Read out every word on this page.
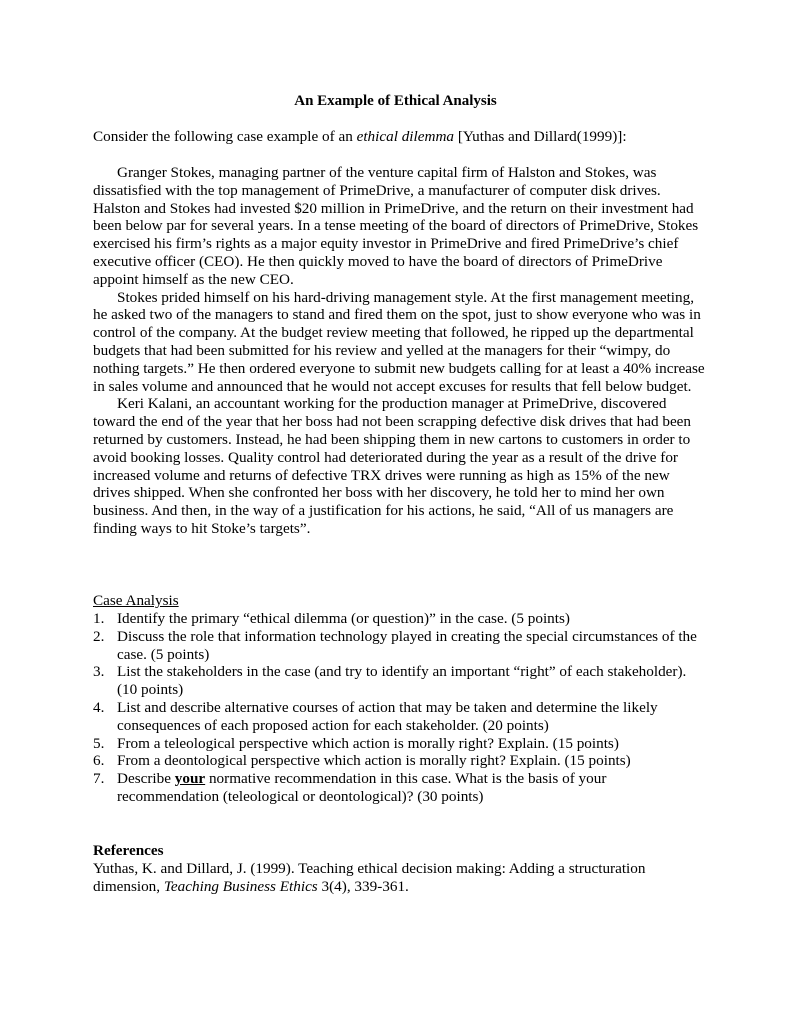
An Example of Ethical Analysis
Consider the following case example of an ethical dilemma [Yuthas and Dillard(1999)]:

Granger Stokes, managing partner of the venture capital firm of Halston and Stokes, was dissatisfied with the top management of PrimeDrive, a manufacturer of computer disk drives. Halston and Stokes had invested $20 million in PrimeDrive, and the return on their investment had been below par for several years. In a tense meeting of the board of directors of PrimeDrive, Stokes exercised his firm’s rights as a major equity investor in PrimeDrive and fired PrimeDrive’s chief executive officer (CEO). He then quickly moved to have the board of directors of PrimeDrive appoint himself as the new CEO.

Stokes prided himself on his hard-driving management style. At the first management meeting, he asked two of the managers to stand and fired them on the spot, just to show everyone who was in control of the company. At the budget review meeting that followed, he ripped up the departmental budgets that had been submitted for his review and yelled at the managers for their “wimpy, do nothing targets.” He then ordered everyone to submit new budgets calling for at least a 40% increase in sales volume and announced that he would not accept excuses for results that fell below budget.

Keri Kalani, an accountant working for the production manager at PrimeDrive, discovered toward the end of the year that her boss had not been scrapping defective disk drives that had been returned by customers. Instead, he had been shipping them in new cartons to customers in order to avoid booking losses. Quality control had deteriorated during the year as a result of the drive for increased volume and returns of defective TRX drives were running as high as 15% of the new drives shipped. When she confronted her boss with her discovery, he told her to mind her own business. And then, in the way of a justification for his actions, he said, “All of us managers are finding ways to hit Stoke’s targets”.

Case Analysis
1. Identify the primary “ethical dilemma (or question)” in the case. (5 points)
2. Discuss the role that information technology played in creating the special circumstances of the case. (5 points)
3. List the stakeholders in the case (and try to identify an important “right” of each stakeholder). (10 points)
4. List and describe alternative courses of action that may be taken and determine the likely consequences of each proposed action for each stakeholder. (20 points)
5. From a teleological perspective which action is morally right? Explain. (15 points)
6. From a deontological perspective which action is morally right? Explain. (15 points)
7. Describe your normative recommendation in this case. What is the basis of your recommendation (teleological or deontological)? (30 points)
References
Yuthas, K. and Dillard, J. (1999). Teaching ethical decision making: Adding a structuration dimension, Teaching Business Ethics 3(4), 339-361.
